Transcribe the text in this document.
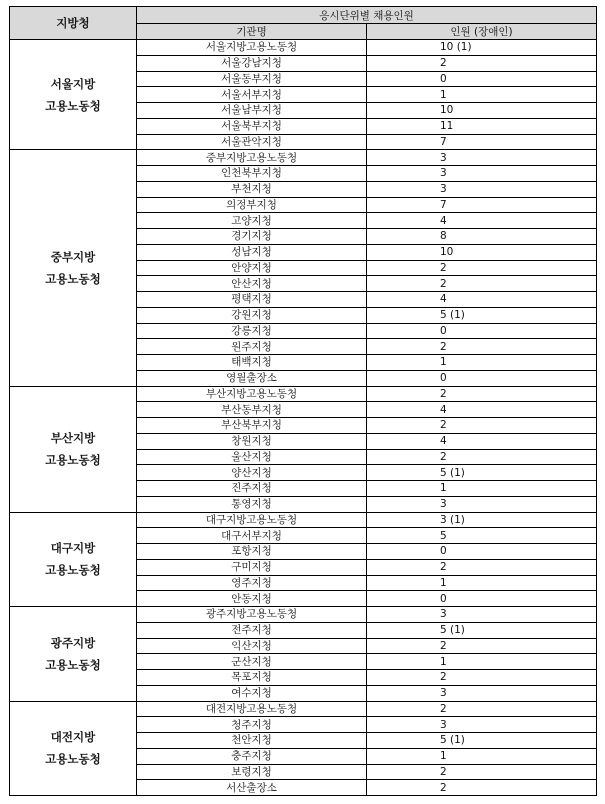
지방청	응시단위별 채용인원	
	기관명	인원 (장애인)

서울지방
고용노동청	서울지방고용노동청	10 (1)
	서울강남지청	2
	서울동부지청	0
	서울서부지청	1
	서울남부지청	10
	서울북부지청	11
	서울관악지청	7

중부지방
고용노동청	중부지방고용노동청	3
	인천북부지청	3
	부천지청	3
	의정부지청	7
	고양지청	4
	경기지청	8
	성남지청	10
	안양지청	2
	안산지청	2
	평택지청	4
	강원지청	5 (1)
	강릉지청	0
	원주지청	2
	태백지청	1
	영월출장소	0

부산지방
고용노동청	부산지방고용노동청	2
	부산동부지청	4
	부산북부지청	2
	창원지청	4
	울산지청	2
	양산지청	5 (1)
	진주지청	1
	통영지청	3

대구지방
고용노동청	대구지방고용노동청	3 (1)
	대구서부지청	5
	포항지청	0
	구미지청	2
	영주지청	1
	안동지청	0

광주지방
고용노동청	광주지방고용노동청	3
	전주지청	5 (1)
	익산지청	2
	군산지청	1
	목포지청	2
	여수지청	3

대전지방
고용노동청	대전지방고용노동청	2
	청주지청	3
	천안지청	5 (1)
	충주지청	1
	보령지청	2
	서산출장소	2
